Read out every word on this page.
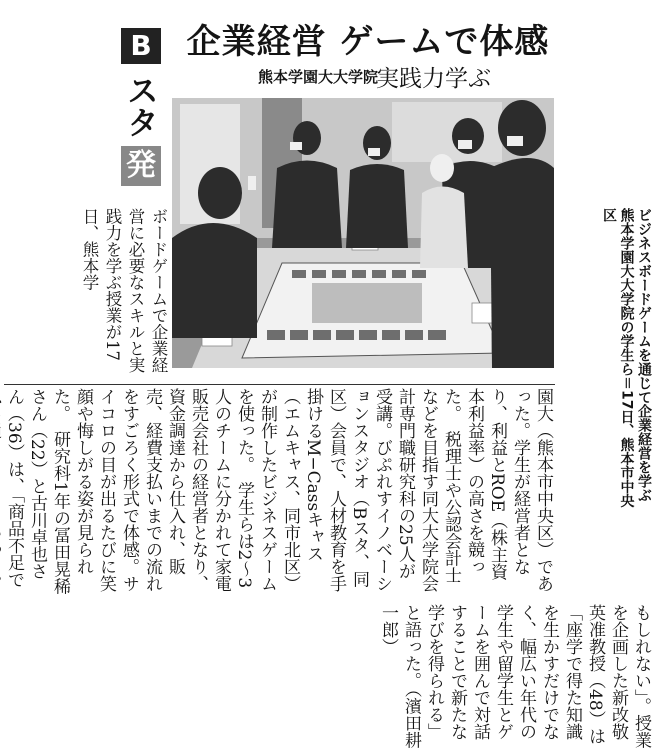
企業経営 ゲームで体感
熊本学園大大学院
実践力学ぶ
B
スタ
発
ボードゲームで企業経営に必要なスキルと実践力を学ぶ授業が17日、熊本学	ビジネスボードゲームを通じて企業経営を学ぶ熊本学園大大学院の学生ら＝17日、熊本市中央区
園大（熊本市中央区）であった。学生が経営者となり、利益とROE（株主資本利益率）の高さを競った。　税理士や公認会計士などを目指す同大大学院会計専門職研究科の25人が受講。びぷれすイノベーションスタジオ（Bスタ、同区）会員で、人材教育を手掛けるM−Cassキャス（エムキャス、同市北区）が制作したビジネスゲームを使った。　学生らは2〜3人のチームに分かれて家電販売会社の経営者となり、資金調達から仕入れ、販売、経費支払いまでの流れをすごろく形式で体感。サイコロの目が出るたびに笑顔や悔しがる姿が見られた。　研究科1年の冨田晃稀さん（22）と古川卓也さん（36）は、「商品不足で
もしれない」。授業を企画した新改敬英准教授（48）は「座学で得た知識を生かすだけでなく、幅広い年代の学生や留学生とゲームを囲んで対話することで新たな学びを得られる」と語った。（濱田耕一郎）
